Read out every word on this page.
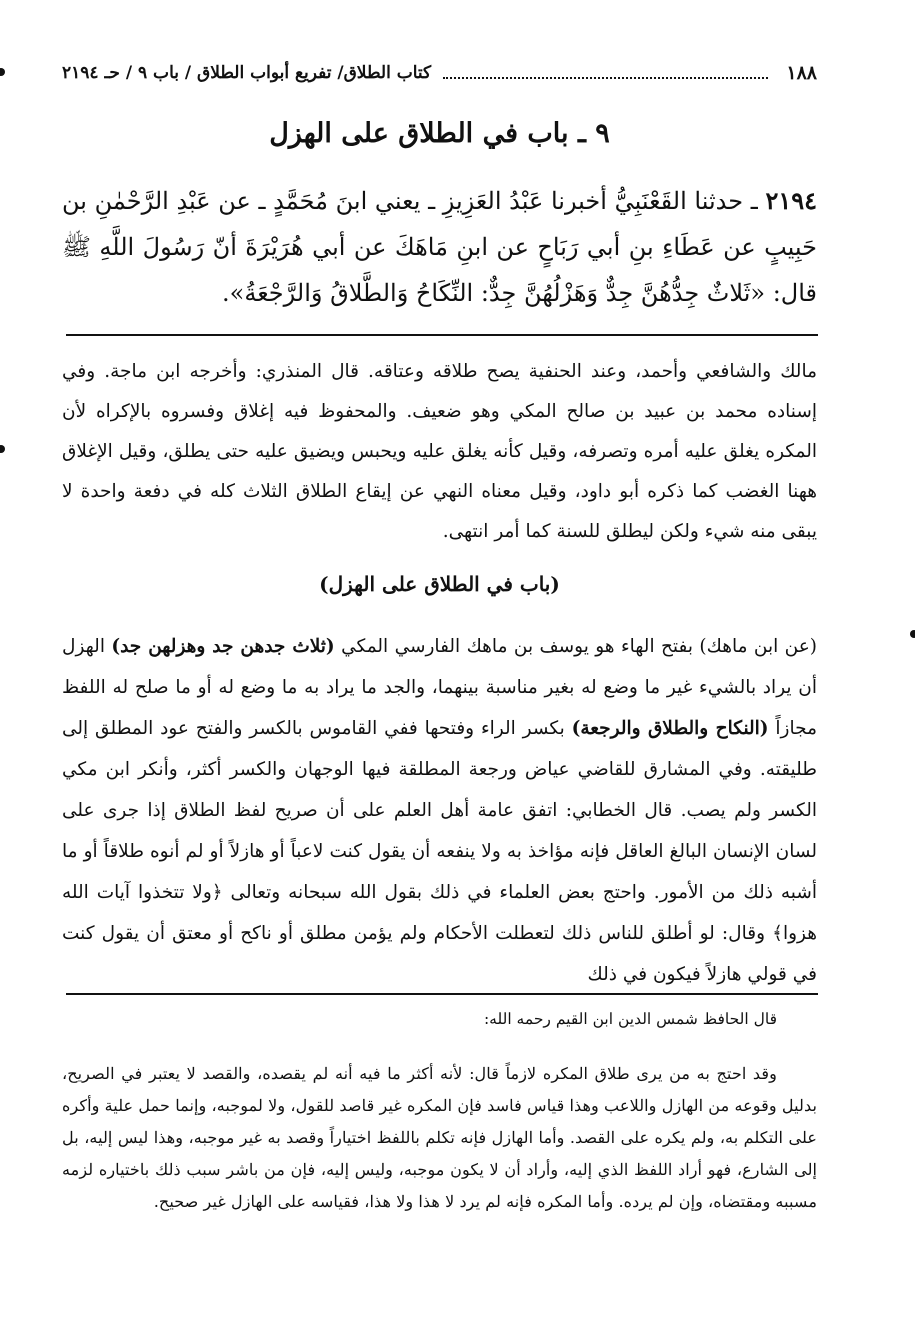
١٨٨
كتاب الطلاق/ تفريع أبواب الطلاق / باب ٩ / حـ ٢١٩٤
٩ ـ باب في الطلاق على الهزل
٢١٩٤ ـ حدثنا القَعْنَبِيُّ أخبرنا عَبْدُ العَزِيزِ ـ يعني ابنَ مُحَمَّدٍ ـ عن عَبْدِ الرَّحْمٰنِ بن حَبِيبٍ عن عَطَاءِ بنِ أبي رَبَاحٍ عن ابنِ مَاهَكَ عن أبي هُرَيْرَةَ أنّ رَسُولَ اللَّهِ ﷺ قال: «ثَلاثٌ جِدُّهُنَّ جِدٌّ وَهَزْلُهُنَّ جِدٌّ: النِّكَاحُ وَالطَّلاقُ وَالرَّجْعَةُ».
مالك والشافعي وأحمد، وعند الحنفية يصح طلاقه وعتاقه. قال المنذري: وأخرجه ابن ماجة. وفي إسناده محمد بن عبيد بن صالح المكي وهو ضعيف. والمحفوظ فيه إغلاق وفسروه بالإكراه لأن المكره يغلق عليه أمره وتصرفه، وقيل كأنه يغلق عليه ويحبس ويضيق عليه حتى يطلق، وقيل الإغلاق ههنا الغضب كما ذكره أبو داود، وقيل معناه النهي عن إيقاع الطلاق الثلاث كله في دفعة واحدة لا يبقى منه شيء ولكن ليطلق للسنة كما أمر انتهى.
(باب في الطلاق على الهزل)
(عن ابن ماهك) بفتح الهاء هو يوسف بن ماهك الفارسي المكي (ثلاث جدهن جد وهزلهن جد) الهزل أن يراد بالشيء غير ما وضع له بغير مناسبة بينهما، والجد ما يراد به ما وضع له أو ما صلح له اللفظ مجازاً (النكاح والطلاق والرجعة) بكسر الراء وفتحها ففي القاموس بالكسر والفتح عود المطلق إلى طليقته. وفي المشارق للقاضي عياض ورجعة المطلقة فيها الوجهان والكسر أكثر، وأنكر ابن مكي الكسر ولم يصب. قال الخطابي: اتفق عامة أهل العلم على أن صريح لفظ الطلاق إذا جرى على لسان الإنسان البالغ العاقل فإنه مؤاخذ به ولا ينفعه أن يقول كنت لاعباً أو هازلاً أو لم أنوه طلاقاً أو ما أشبه ذلك من الأمور. واحتج بعض العلماء في ذلك بقول الله سبحانه وتعالى ﴿ولا تتخذوا آيات الله هزوا﴾ وقال: لو أطلق للناس ذلك لتعطلت الأحكام ولم يؤمن مطلق أو ناكح أو معتق أن يقول كنت في قولي هازلاً فيكون في ذلك
قال الحافظ شمس الدين ابن القيم رحمه الله:
وقد احتج به من يرى طلاق المكره لازماً قال: لأنه أكثر ما فيه أنه لم يقصده، والقصد لا يعتبر في الصريح، بدليل وقوعه من الهازل واللاعب وهذا قياس فاسد فإن المكره غير قاصد للقول، ولا لموجبه، وإنما حمل علية وأكره على التكلم به، ولم يكره على القصد. وأما الهازل فإنه تكلم باللفظ اختياراً وقصد به غير موجبه، وهذا ليس إليه، بل إلى الشارع، فهو أراد اللفظ الذي إليه، وأراد أن لا يكون موجبه، وليس إليه، فإن من باشر سبب ذلك باختياره لزمه مسببه ومقتضاه، وإن لم يرده. وأما المكره فإنه لم يرد لا هذا ولا هذا، فقياسه على الهازل غير صحيح.
